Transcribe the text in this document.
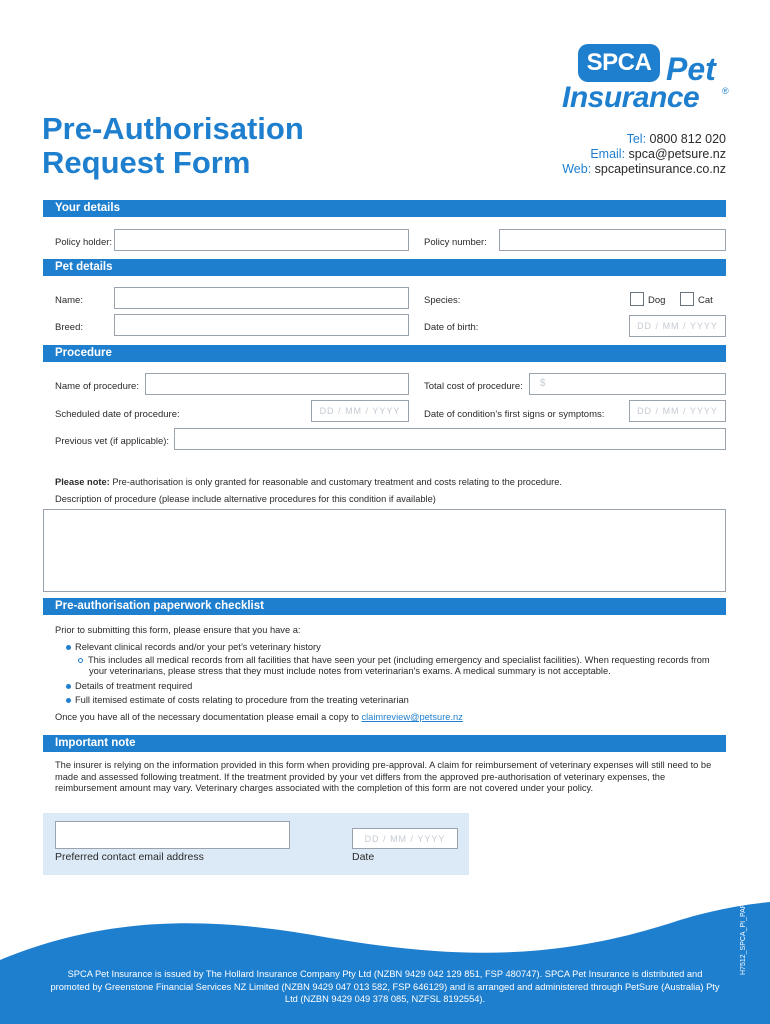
SPCA Pet
Insurance	®
Pre-Authorisation
Request Form
Tel: 0800 812 020
Email: spca@petsure.nz
Web: spcapetinsurance.co.nz
Your details
Policy holder:	Policy number:
Pet details
Name:	Species:	Dog	Cat
Breed:	Date of birth:	DD / MM / YYYY
Procedure
Name of procedure:	Total cost of procedure:	$
Scheduled date of procedure:	DD / MM / YYYY	Date of condition’s first signs or symptoms:	DD / MM / YYYY
Previous vet (if applicable):
Please note: Pre-authorisation is only granted for reasonable and customary treatment and costs relating to the procedure.
Description of procedure (please include alternative procedures for this condition if available)
Pre-authorisation paperwork checklist
Prior to submitting this form, please ensure that you have a:
Relevant clinical records and/or your pet’s veterinary history
This includes all medical records from all facilities that have seen your pet (including emergency and specialist facilities). When requesting records from
your veterinarians, please stress that they must include notes from veterinarian’s exams. A medical summary is not acceptable.
Details of treatment required
Full itemised estimate of costs relating to procedure from the treating veterinarian
Once you have all of the necessary documentation please email a copy to claimreview@petsure.nz
Important note
The insurer is relying on the information provided in this form when providing pre-approval. A claim for reimbursement of veterinary expenses will still need to be made and assessed following treatment. If the treatment provided by your vet differs from the approved pre-authorisation of veterinary expenses, the reimbursement amount may vary. Veterinary charges associated with the completion of this form are not covered under your policy.
Preferred contact email address
DD / MM / YYYY
Date
SPCA Pet Insurance is issued by The Hollard Insurance Company Pty Ltd (NZBN 9429 042 129 851, FSP 480747). SPCA Pet Insurance is distributed and promoted by Greenstone Financial Services NZ Limited (NZBN 9429 047 013 582, FSP 646129) and is arranged and administered through PetSure (Australia) Pty Ltd (NZBN 9429 049 378 085, NZFSL 8192554).
H7512_SPCA_PI_PAF_11/22
